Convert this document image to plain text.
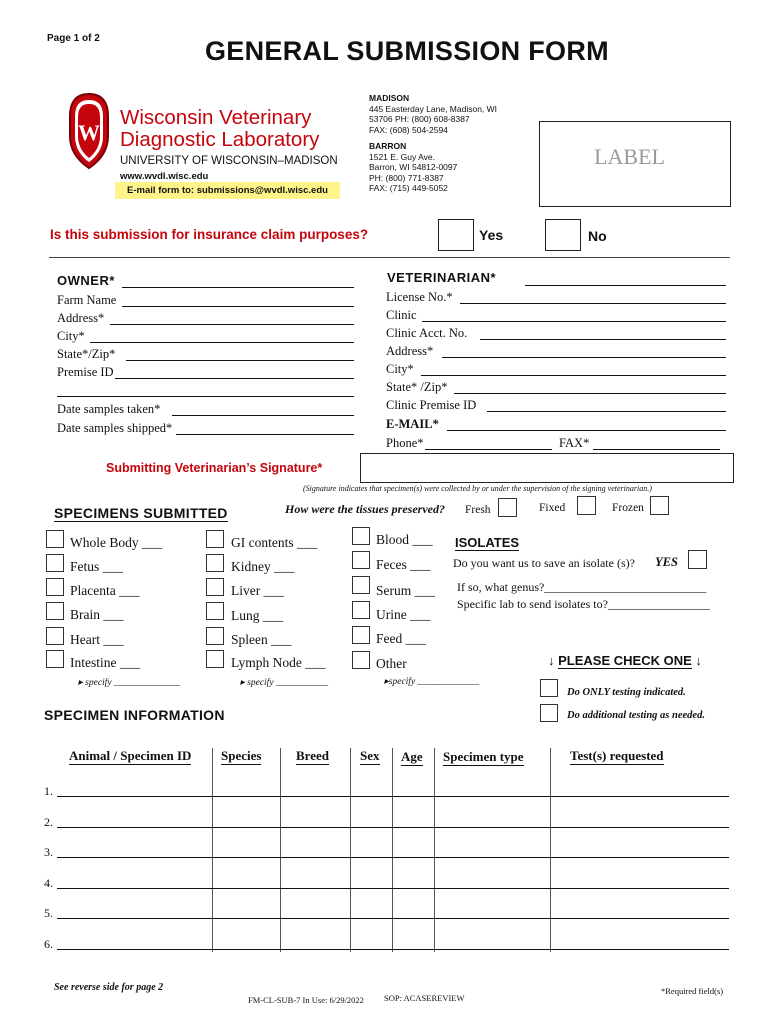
Page 1 of 2	GENERAL SUBMISSION FORM
W
Wisconsin Veterinary
Diagnostic Laboratory
UNIVERSITY OF WISCONSIN–MADISON
www.wvdl.wisc.edu
E-mail form to: submissions@wvdl.wisc.edu
MADISON
445 Easterday Lane, Madison, WI
53706 PH: (800) 608-8387
FAX: (608) 504-2594
BARRON
1521 E. Guy Ave.
Barron, WI 54812-0097
PH: (800) 771-8387
FAX: (715) 449-5052
LABEL
Is this submission for insurance claim purposes?	Yes	No
OWNER*
Farm Name
Address*
City*
State*/Zip*
Premise ID
Date samples taken*
Date samples shipped*
VETERINARIAN*
License No.*
Clinic
Clinic Acct. No.
Address*
City*
State* /Zip*
Clinic Premise ID
E-MAIL*
Phone*	FAX*
Submitting Veterinarian’s Signature*
(Signature indicates that specimen(s) were collected by or under the supervision of the signing veterinarian.)
SPECIMENS SUBMITTED	How were the tissues preserved? Fresh	Fixed	Frozen
Whole Body ___
Fetus ___
Placenta ___
Brain ___
Heart ___
Intestine ___
▸ specify ______________
GI contents ___
Kidney ___
Liver ___
Lung ___
Spleen ___
Lymph Node ___
▸ specify ___________
Blood ___
Feces ___
Serum ___
Urine ___
Feed ___
Other
▸specify _____________
ISOLATES
Do you want us to save an isolate (s)? YES
If so, what genus?___________________________
Specific lab to send isolates to?_________________
↓ PLEASE CHECK ONE ↓
Do ONLY testing indicated.
Do additional testing as needed.
SPECIMEN INFORMATION
Animal / Specimen ID Species	Breed Sex Age Specimen type	Test(s) requested
1.
2.
3.
4.
5.
6.
See reverse side for page 2
FM-CL-SUB-7 In Use: 6/29/2022 SOP: ACASEREVIEW
*Required field(s)
